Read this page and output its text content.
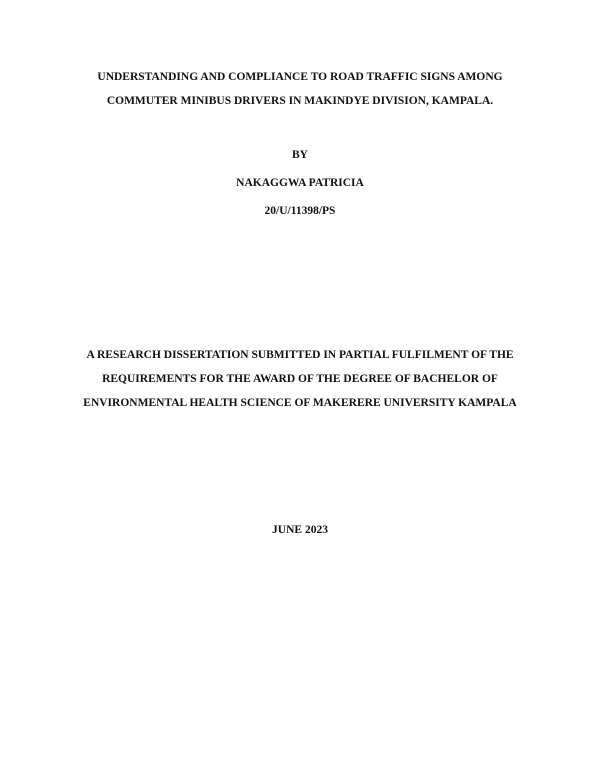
UNDERSTANDING AND COMPLIANCE TO ROAD TRAFFIC SIGNS AMONG
COMMUTER MINIBUS DRIVERS IN MAKINDYE DIVISION, KAMPALA.
BY
NAKAGGWA PATRICIA
20/U/11398/PS
A RESEARCH DISSERTATION SUBMITTED IN PARTIAL FULFILMENT OF THE
REQUIREMENTS FOR THE AWARD OF THE DEGREE OF BACHELOR OF
ENVIRONMENTAL HEALTH SCIENCE OF MAKERERE UNIVERSITY KAMPALA
JUNE 2023
